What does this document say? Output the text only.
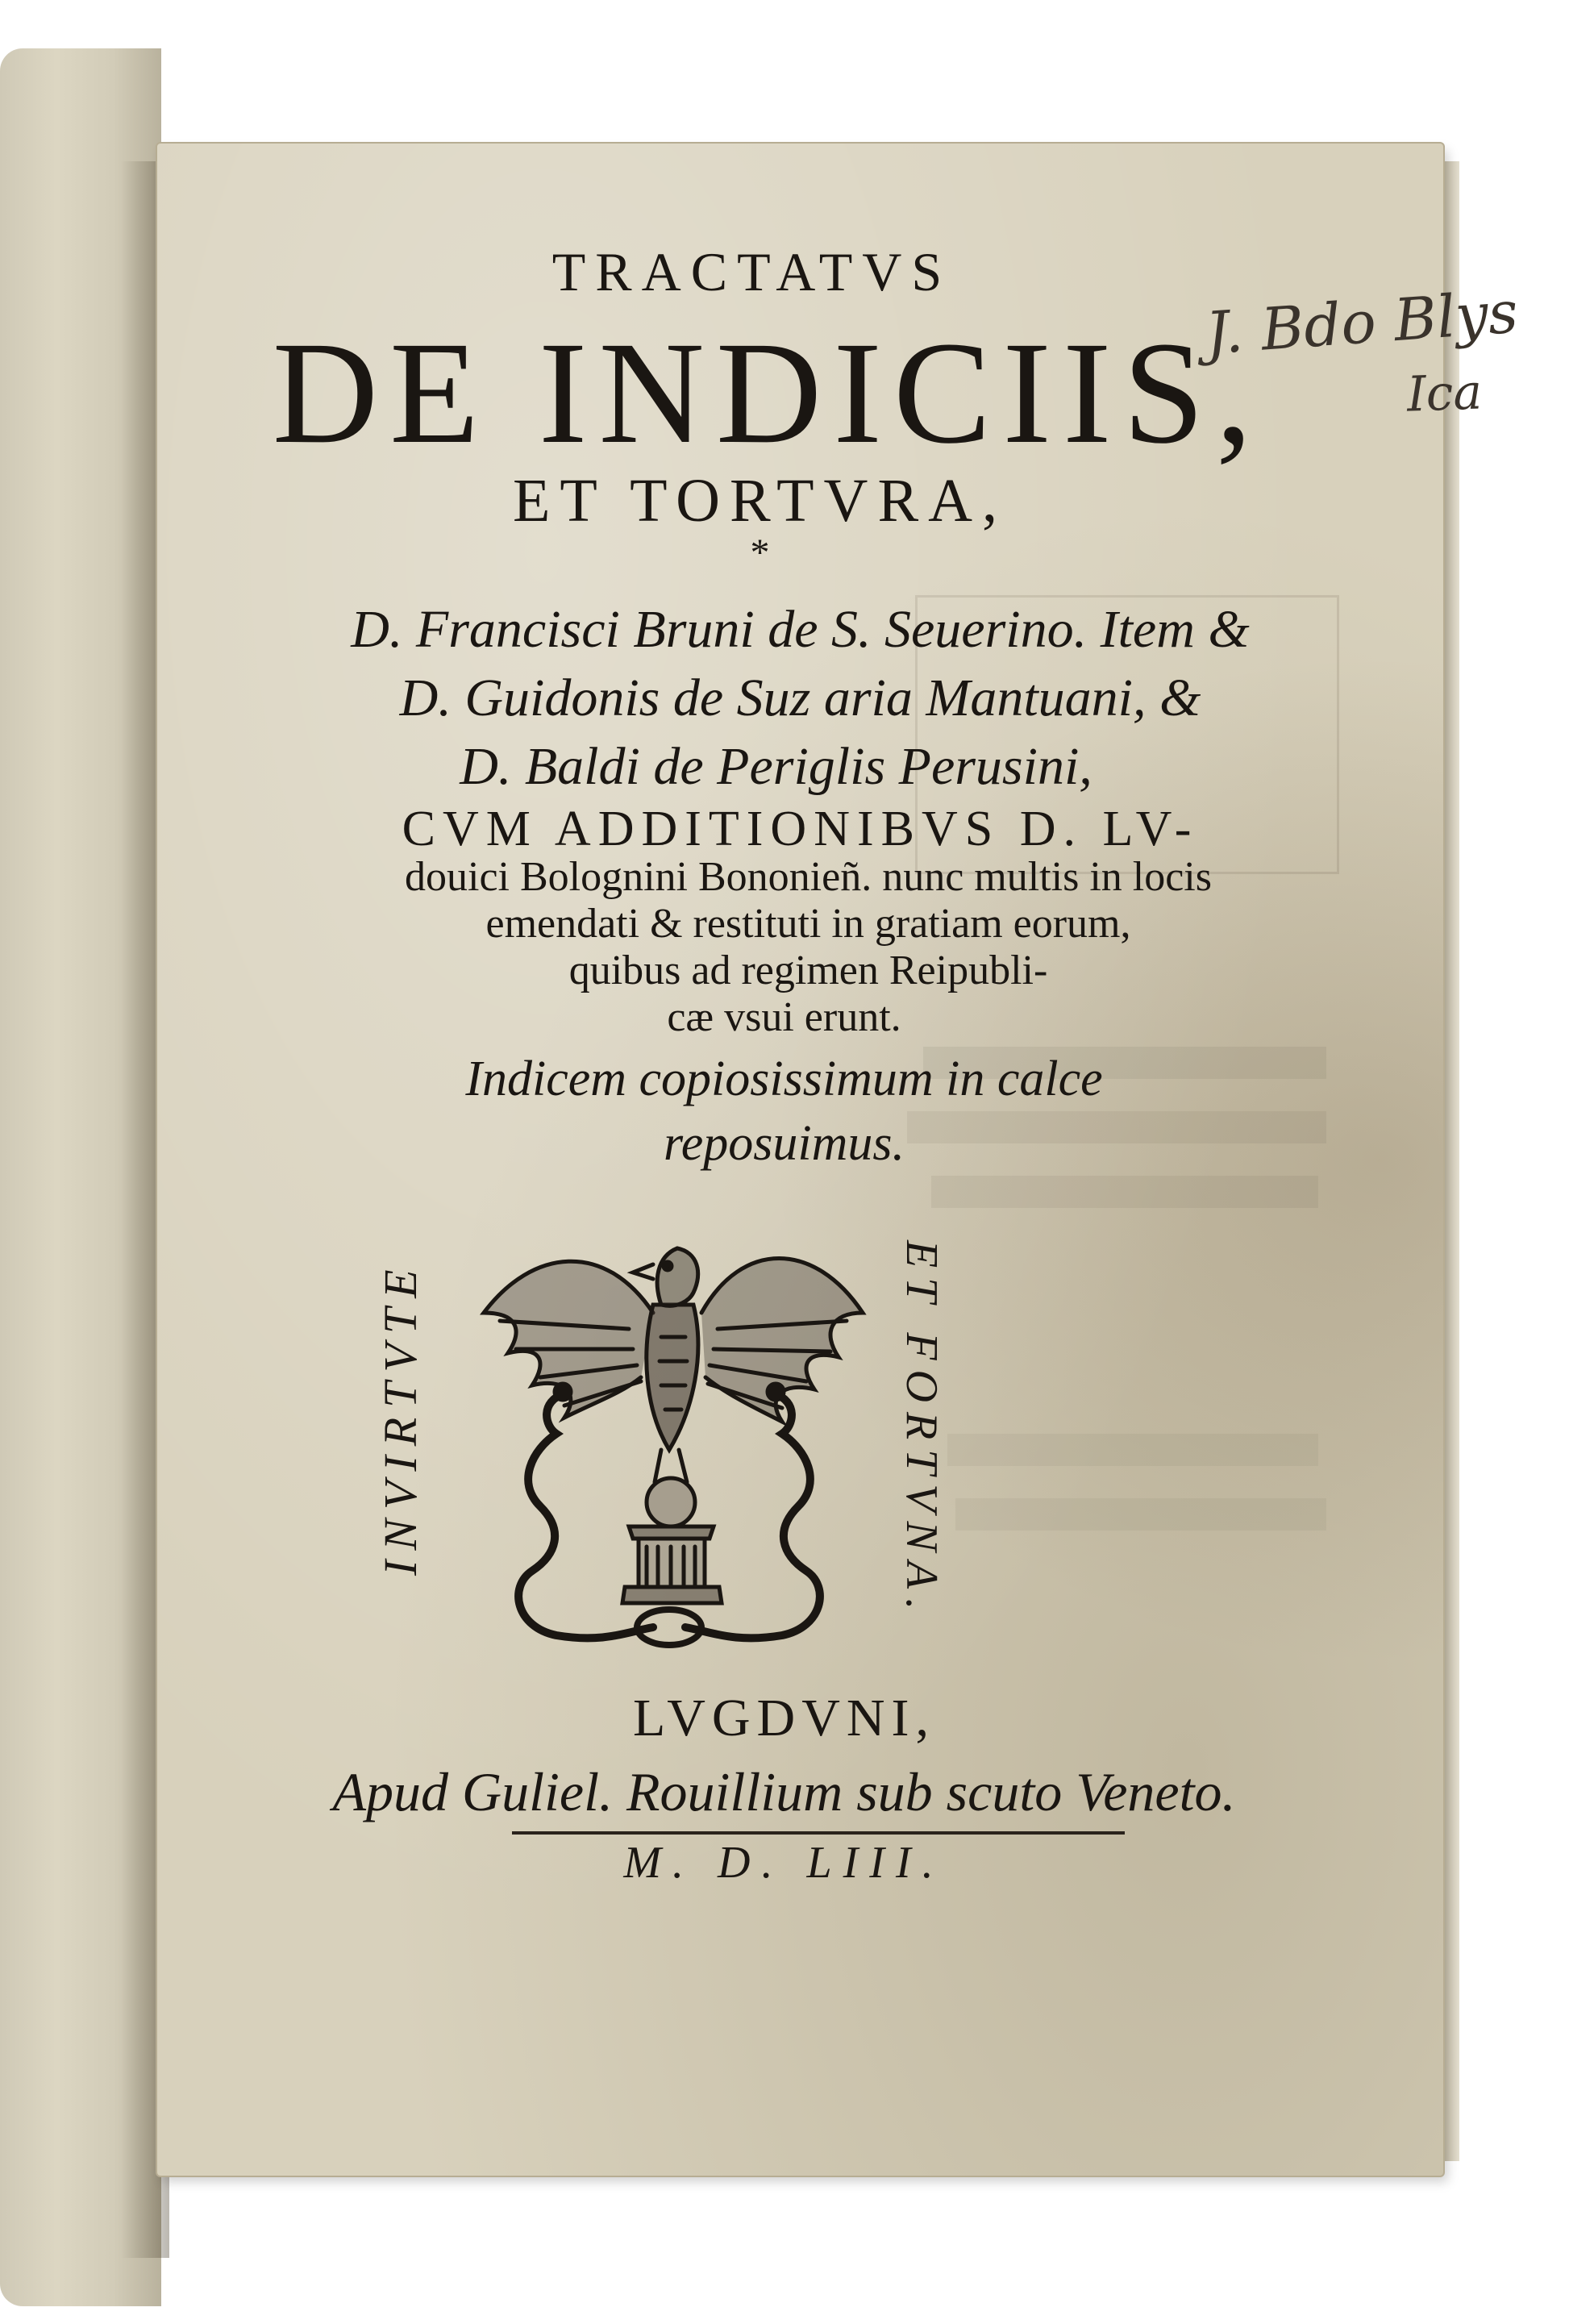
J. Bdo Blys
Ica
TRACTATVS
DE INDICIIS,
ET TORTVRA,
*
D. Francisci Bruni de S. Seuerino. Item &
D. Guidonis de Suz aria Mantuani, &
D. Baldi de Periglis Perusini,
CVM ADDITIONIBVS D. LV-
douici Bolognini Bononieñ. nunc multis in locis
emendati & restituti in gratiam eorum,
quibus ad regimen Reipubli-
cæ vsui erunt.
Indicem copiosissimum in calce
reposuimus.
INVIRTVTE	ET FORTVNA.
LVGDVNI,
Apud Guliel. Rouillium sub scuto Veneto.
M. D. LIII.
